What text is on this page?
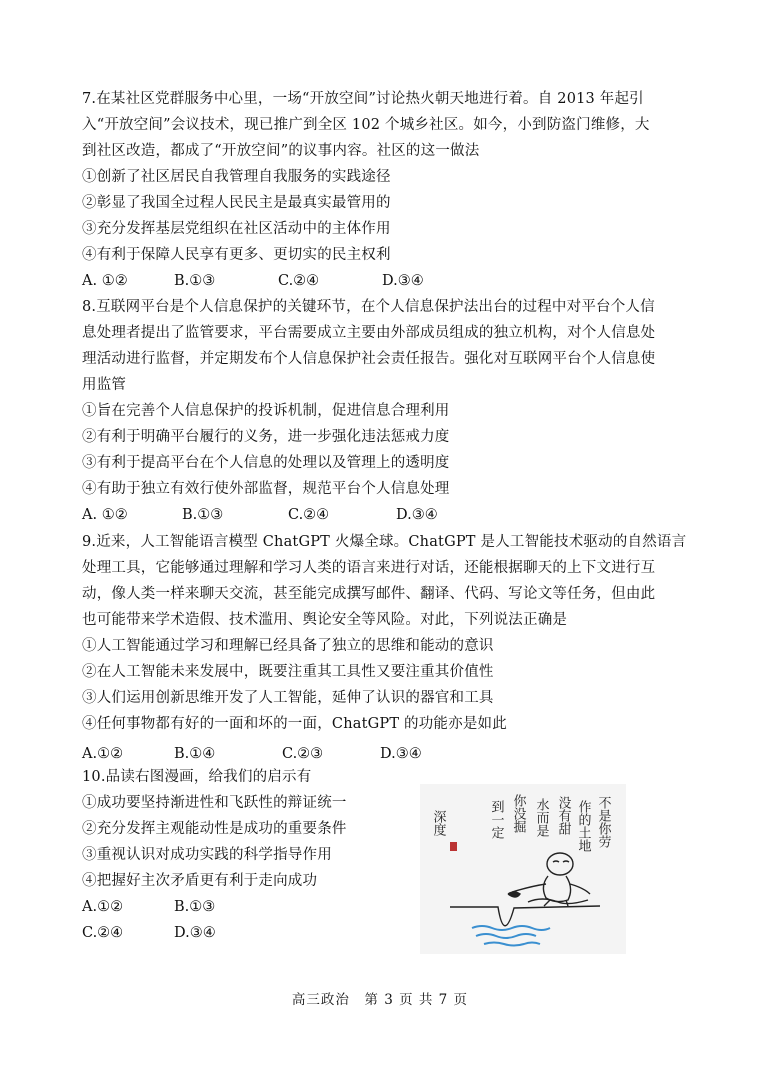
7.在某社区党群服务中心里，一场“开放空间”讨论热火朝天地进行着。自 2013 年起引
入“开放空间”会议技术，现已推广到全区 102 个城乡社区。如今，小到防盗门维修，大
到社区改造，都成了“开放空间”的议事内容。社区的这一做法
①创新了社区居民自我管理自我服务的实践途径
②彰显了我国全过程人民民主是最真实最管用的
③充分发挥基层党组织在社区活动中的主体作用
④有利于保障人民享有更多、更切实的民主权利
A. ①②	B.①③	C.②④	D.③④
8.互联网平台是个人信息保护的关键环节，在个人信息保护法出台的过程中对平台个人信
息处理者提出了监管要求，平台需要成立主要由外部成员组成的独立机构，对个人信息处
理活动进行监督，并定期发布个人信息保护社会责任报告。强化对互联网平台个人信息使
用监管
①旨在完善个人信息保护的投诉机制，促进信息合理利用
②有利于明确平台履行的义务，进一步强化违法惩戒力度
③有利于提高平台在个人信息的处理以及管理上的透明度
④有助于独立有效行使外部监督，规范平台个人信息处理
A. ①②	B.①③	C.②④	D.③④
9.近来，人工智能语言模型 ChatGPT 火爆全球。ChatGPT 是人工智能技术驱动的自然语言
处理工具，它能够通过理解和学习人类的语言来进行对话，还能根据聊天的上下文进行互
动，像人类一样来聊天交流，甚至能完成撰写邮件、翻译、代码、写论文等任务，但由此
也可能带来学术造假、技术滥用、舆论安全等风险。对此，下列说法正确是
①人工智能通过学习和理解已经具备了独立的思维和能动的意识
②在人工智能未来发展中，既要注重其工具性又要注重其价值性
③人们运用创新思维开发了人工智能，延伸了认识的器官和工具
④任何事物都有好的一面和坏的一面，ChatGPT 的功能亦是如此
A.①②	B.①④	C.②③	D.③④
10.品读右图漫画，给我们的启示有
①成功要坚持渐进性和飞跃性的辩证统一
②充分发挥主观能动性是成功的重要条件
③重视认识对成功实践的科学指导作用
④把握好主次矛盾更有利于走向成功
A.①②	B.①③
C.②④	D.③④
不是你劳
作的土地
没有甜
水而是
你没掘
到一定
深度
高三政治　第 3 页 共 7 页
